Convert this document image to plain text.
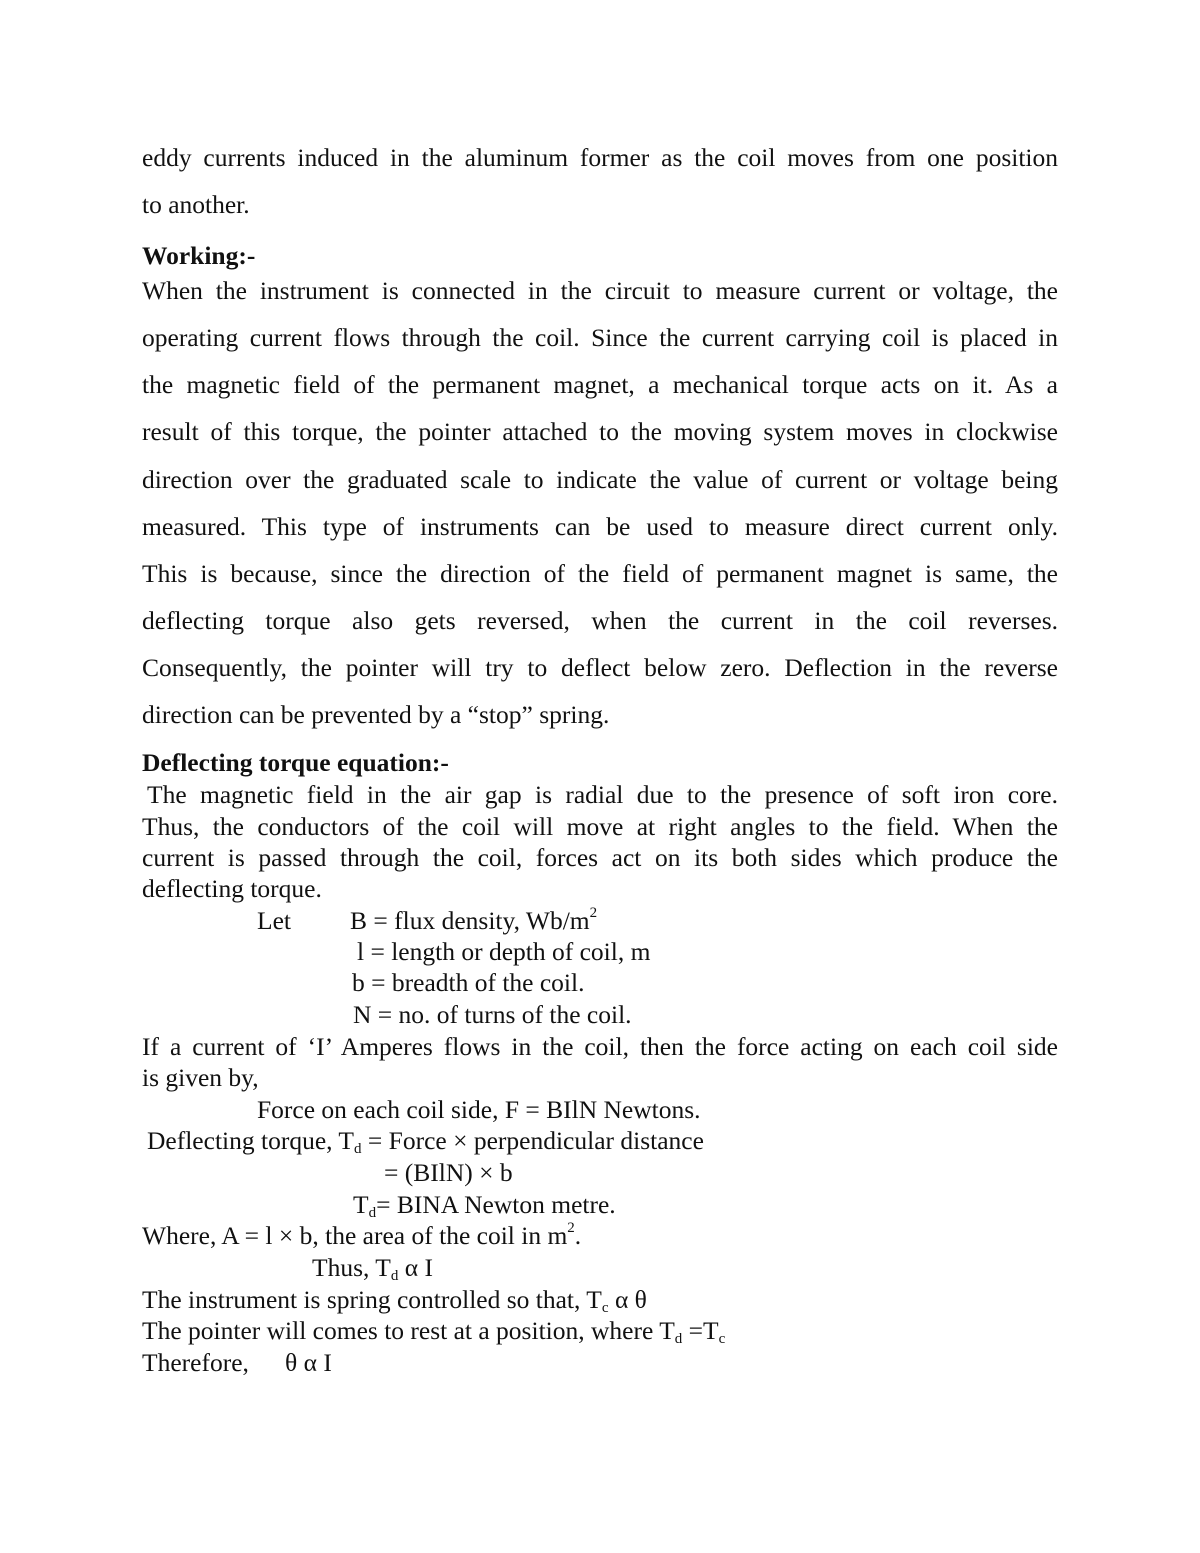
eddy currents induced in the aluminum former as the coil moves from one position
to another.
Working:-
When the instrument is connected in the circuit to measure current or voltage, the
operating current flows through the coil. Since the current carrying coil is placed in
the magnetic field of the permanent magnet, a mechanical torque acts on it. As a
result of this torque, the pointer attached to the moving system moves in clockwise
direction over the graduated scale to indicate the value of current or voltage being
measured. This type of instruments can be used to measure direct current only.
This is because, since the direction of the field of permanent magnet is same, the
deflecting torque also gets reversed, when the current in the coil reverses.
Consequently, the pointer will try to deflect below zero. Deflection in the reverse
direction can be prevented by a “stop” spring.
Deflecting torque equation:-
The magnetic field in the air gap is radial due to the presence of soft iron core.
Thus, the conductors of the coil will move at right angles to the field. When the
current is passed through the coil, forces act on its both sides which produce the
deflecting torque.
Let B = flux density, $Wb/m^2$
l = length or depth of coil, m
b = breadth of the coil.
N = no. of turns of the coil.
If a current of ‘I’ Amperes flows in the coil, then the force acting on each coil side
is given by,
Force on each coil side, F = BIlN Newtons.
Deflecting torque, $T_d$ = Force × perpendicular distance
= (BIlN) × b
$T_d=$ BINA Newton metre.
Where, A = l × b, the area of the coil in $m^2$.
Thus, $T_d$ α I
The instrument is spring controlled so that, $T_c$ α θ
The pointer will comes to rest at a position, where $T_d =T_c$
Therefore, θ α I
